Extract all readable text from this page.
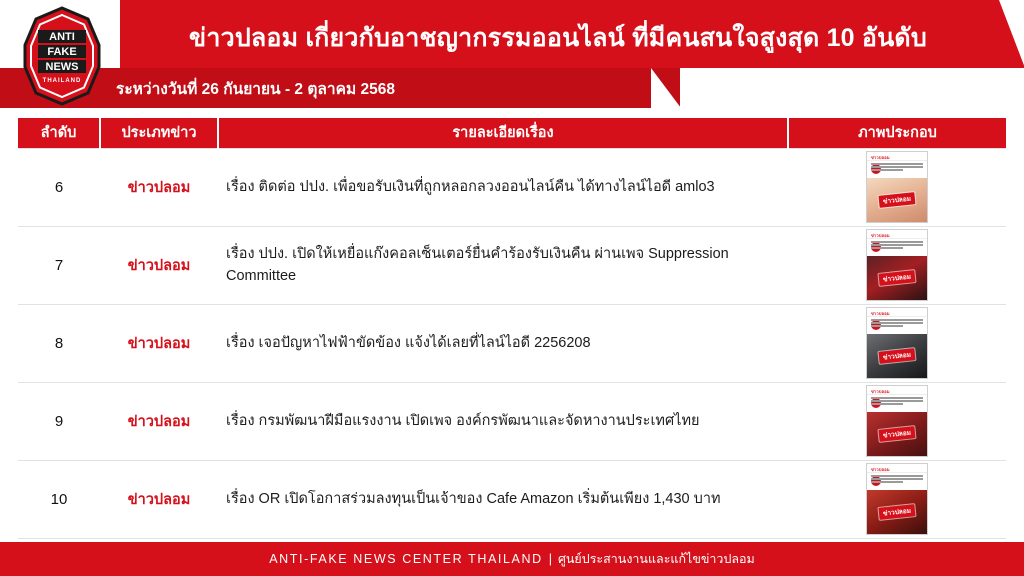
ANTI
FAKE
NEWS
THAILAND
ข่าวปลอม เกี่ยวกับอาชญากรรมออนไลน์ ที่มีคนสนใจสูงสุด 10 อันดับ
ระหว่างวันที่ 26 กันยายน - 2 ตุลาคม 2568
ลำดับ	ประเภทข่าว	รายละเอียดเรื่อง	ภาพประกอบ
6	ข่าวปลอม	เรื่อง ติดต่อ ปปง. เพื่อขอรับเงินที่ถูกหลอกลวงออนไลน์คืน ได้ทางไลน์ไอดี amlo3	ข่าวปลอม
ข่าวปลอม

7	ข่าวปลอม	เรื่อง ปปง. เปิดให้เหยื่อแก๊งคอลเซ็นเตอร์ยื่นคำร้องรับเงินคืน ผ่านเพจ Suppression Committee	ข่าวปลอม
ข่าวปลอม

8	ข่าวปลอม	เรื่อง เจอปัญหาไฟฟ้าขัดข้อง แจ้งได้เลยที่ไลน์ไอดี 2256208	ข่าวปลอม
ข่าวปลอม

9	ข่าวปลอม	เรื่อง กรมพัฒนาฝีมือแรงงาน เปิดเพจ องค์กรพัฒนาและจัดหางานประเทศไทย	ข่าวปลอม
ข่าวปลอม

10	ข่าวปลอม	เรื่อง OR เปิดโอกาสร่วมลงทุนเป็นเจ้าของ Cafe Amazon เริ่มต้นเพียง 1,430 บาท	ข่าวปลอม
ข่าวปลอม
ANTI-FAKE NEWS CENTER THAILAND | ศูนย์ประสานงานและแก้ไขข่าวปลอม
